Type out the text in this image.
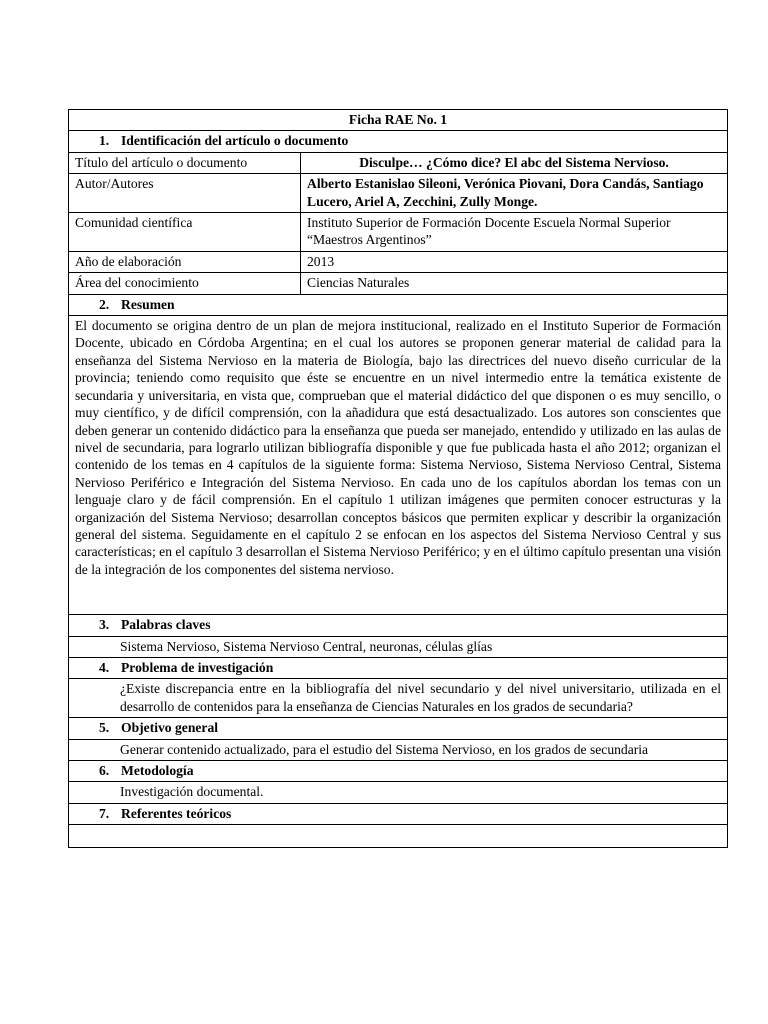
Ficha RAE No. 1	
1. Identificación del artículo o documento	
Título del artículo o documento	Disculpe… ¿Cómo dice? El abc del Sistema Nervioso.
Autor/Autores	Alberto Estanislao Sileoni, Verónica Piovani, Dora Candás, Santiago Lucero, Ariel A, Zecchini, Zully Monge.
Comunidad científica	Instituto Superior de Formación Docente Escuela Normal Superior “Maestros Argentinos”
Año de elaboración	2013
Área del conocimiento	Ciencias Naturales
2. Resumen	

El documento se origina dentro de un plan de mejora institucional, realizado en el Instituto Superior de Formación Docente, ubicado en Córdoba Argentina; en el cual los autores se proponen generar material de calidad para la enseñanza del Sistema Nervioso en la materia de Biología, bajo las directrices del nuevo diseño curricular de la provincia; teniendo como requisito que éste se encuentre en un nivel intermedio entre la temática existente de secundaria y universitaria, en vista que, comprueban que el material didáctico del que disponen o es muy sencillo, o muy científico, y de difícil comprensión, con la añadidura que está desactualizado. Los autores son conscientes que deben generar un contenido didáctico para la enseñanza que pueda ser manejado, entendido y utilizado en las aulas de nivel de secundaria, para lograrlo utilizan bibliografía disponible y que fue publicada hasta el año 2012; organizan el contenido de los temas en 4 capítulos de la siguiente forma: Sistema Nervioso, Sistema Nervioso Central, Sistema Nervioso Periférico e Integración del Sistema Nervioso. En cada uno de los capítulos abordan los temas con un lenguaje claro y de fácil comprensión. En el capítulo 1 utilizan imágenes que permiten conocer estructuras y la organización del Sistema Nervioso; desarrollan conceptos básicos que permiten explicar y describir la organización general del sistema. Seguidamente en el capítulo 2 se enfocan en los aspectos del Sistema Nervioso Central y sus características; en el capítulo 3 desarrollan el Sistema Nervioso Periférico; y en el último capítulo presentan una visión de la integración de los componentes del sistema nervioso.	

3. Palabras claves	
Sistema Nervioso, Sistema Nervioso Central, neuronas, células glías	
4. Problema de investigación	
¿Existe discrepancia entre en la bibliografía del nivel secundario y del nivel universitario, utilizada en el desarrollo de contenidos para la enseñanza de Ciencias Naturales en los grados de secundaria?	
5. Objetivo general	
Generar contenido actualizado, para el estudio del Sistema Nervioso, en los grados de secundaria	
6. Metodología	
Investigación documental.	
7. Referentes teóricos	
